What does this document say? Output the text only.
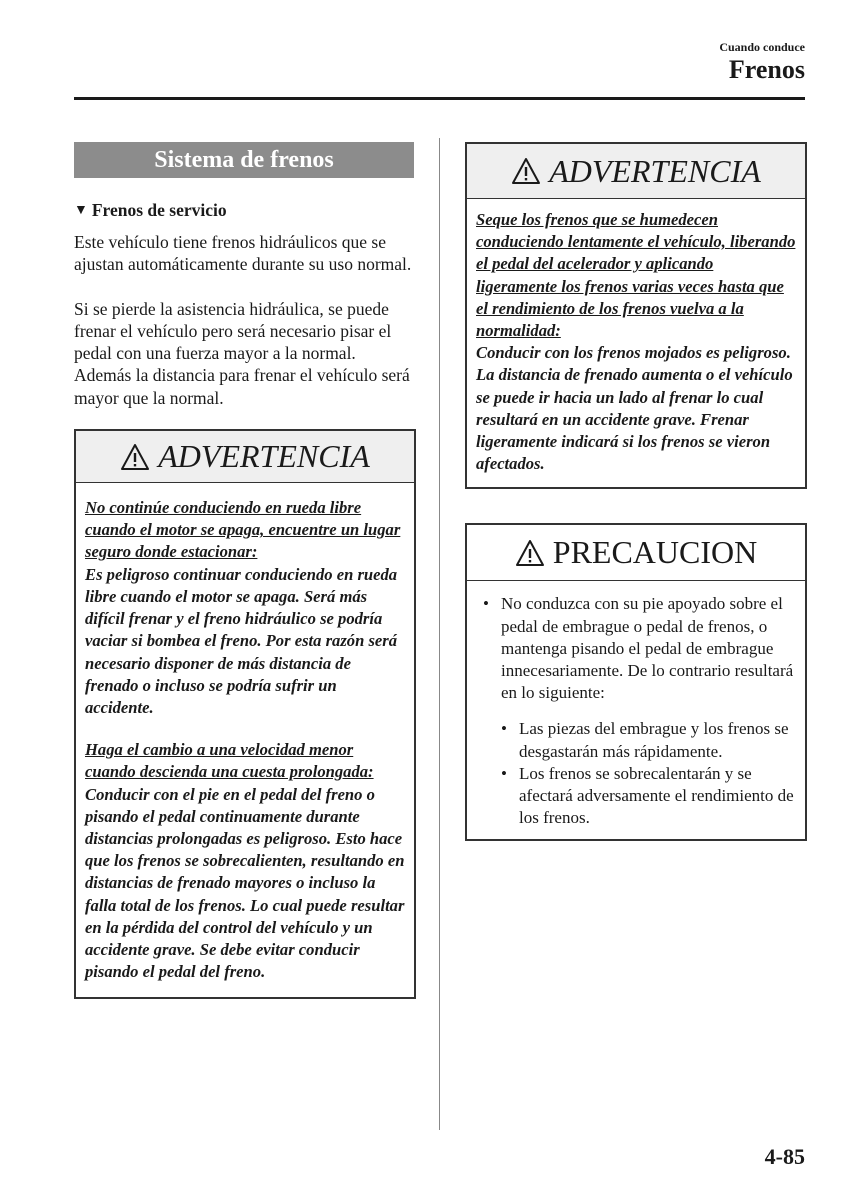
Cuando conduce
Frenos
Sistema de frenos
▼ Frenos de servicio

Este vehículo tiene frenos hidráulicos que se ajustan automáticamente durante su uso normal.

Si se pierde la asistencia hidráulica, se puede frenar el vehículo pero será necesario pisar el pedal con una fuerza mayor a la normal. Además la distancia para frenar el vehículo será mayor que la normal.

ADVERTENCIA
No continúe conduciendo en rueda libre cuando el motor se apaga, encuentre un lugar seguro donde estacionar:
Es peligroso continuar conduciendo en rueda libre cuando el motor se apaga. Será más difícil frenar y el freno hidráulico se podría vaciar si bombea el freno. Por esta razón será necesario disponer de más distancia de frenado o incluso se podría sufrir un accidente.
Haga el cambio a una velocidad menor cuando descienda una cuesta prolongada:
Conducir con el pie en el pedal del freno o pisando el pedal continuamente durante distancias prolongadas es peligroso. Esto hace que los frenos se sobrecalienten, resultando en distancias de frenado mayores o incluso la falla total de los frenos. Lo cual puede resultar en la pérdida del control del vehículo y un accidente grave. Se debe evitar conducir pisando el pedal del freno.
ADVERTENCIA
Seque los frenos que se humedecen conduciendo lentamente el vehículo, liberando el pedal del acelerador y aplicando ligeramente los frenos varias veces hasta que el rendimiento de los frenos vuelva a la normalidad:
Conducir con los frenos mojados es peligroso. La distancia de frenado aumenta o el vehículo se puede ir hacia un lado al frenar lo cual resultará en un accidente grave. Frenar ligeramente indicará si los frenos se vieron afectados.
PRECAUCION
• No conduzca con su pie apoyado sobre el pedal de embrague o pedal de frenos, o mantenga pisando el pedal de embrague innecesariamente. De lo contrario resultará en lo siguiente:
• Las piezas del embrague y los frenos se desgastarán más rápidamente.
• Los frenos se sobrecalentarán y se afectará adversamente el rendimiento de los frenos.
4-85
